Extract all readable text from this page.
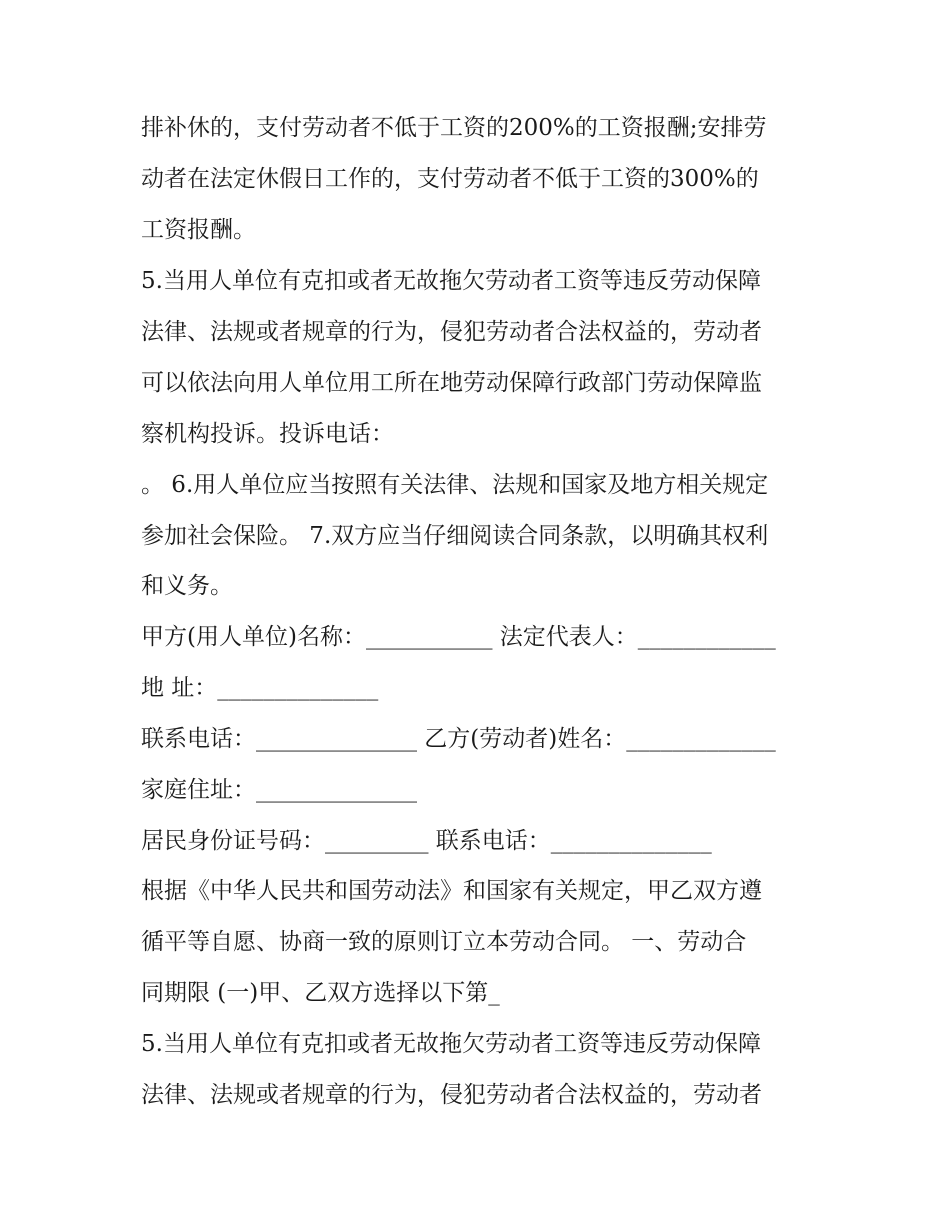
排补休的，支付劳动者不低于工资的200%的工资报酬;安排劳
动者在法定休假日工作的，支付劳动者不低于工资的300%的
工资报酬。
5.当用人单位有克扣或者无故拖欠劳动者工资等违反劳动保障
法律、法规或者规章的行为，侵犯劳动者合法权益的，劳动者
可以依法向用人单位用工所在地劳动保障行政部门劳动保障监
察机构投诉。投诉电话：
。 6.用人单位应当按照有关法律、法规和国家及地方相关规定
参加社会保险。 7.双方应当仔细阅读合同条款，以明确其权利
和义务。
甲方(用人单位)名称：___________ 法定代表人：____________
地 址：______________
联系电话：______________ 乙方(劳动者)姓名：_____________
家庭住址：______________
居民身份证号码：_________ 联系电话：______________
根据《中华人民共和国劳动法》和国家有关规定，甲乙双方遵
循平等自愿、协商一致的原则订立本劳动合同。 一、劳动合
同期限 (一)甲、乙双方选择以下第_
5.当用人单位有克扣或者无故拖欠劳动者工资等违反劳动保障
法律、法规或者规章的行为，侵犯劳动者合法权益的，劳动者
